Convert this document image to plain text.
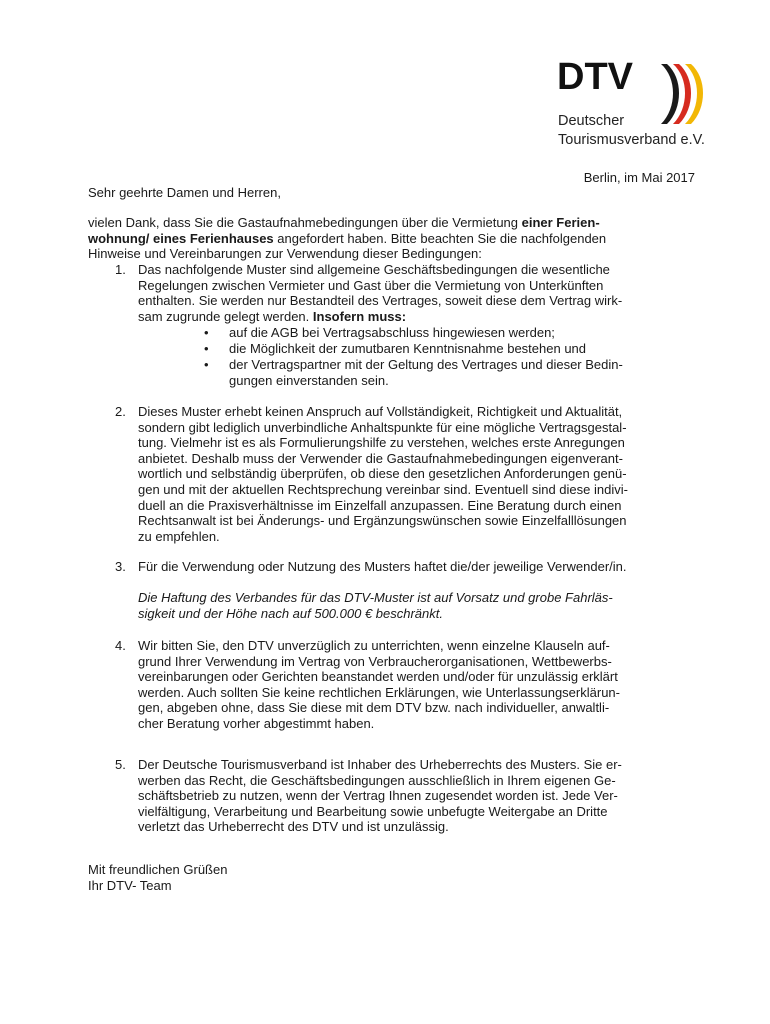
DTV
Deutscher
Tourismusverband e.V.
Berlin, im Mai 2017
Sehr geehrte Damen und Herren,
vielen Dank, dass Sie die Gastaufnahmebedingungen über die Vermietung einer Ferien-
wohnung/ eines Ferienhauses angefordert haben. Bitte beachten Sie die nachfolgenden
Hinweise und Vereinbarungen zur Verwendung dieser Bedingungen:
1. Das nachfolgende Muster sind allgemeine Geschäftsbedingungen die wesentliche
Regelungen zwischen Vermieter und Gast über die Vermietung von Unterkünften
enthalten. Sie werden nur Bestandteil des Vertrages, soweit diese dem Vertrag wirk-
sam zugrunde gelegt werden. Insofern muss:
• auf die AGB bei Vertragsabschluss hingewiesen werden;
• die Möglichkeit der zumutbaren Kenntnisnahme bestehen und
• der Vertragspartner mit der Geltung des Vertrages und dieser Bedin-
gungen einverstanden sein.
2. Dieses Muster erhebt keinen Anspruch auf Vollständigkeit, Richtigkeit und Aktualität,
sondern gibt lediglich unverbindliche Anhaltspunkte für eine mögliche Vertragsgestal-
tung. Vielmehr ist es als Formulierungshilfe zu verstehen, welches erste Anregungen
anbietet. Deshalb muss der Verwender die Gastaufnahmebedingungen eigenverant-
wortlich und selbständig überprüfen, ob diese den gesetzlichen Anforderungen genü-
gen und mit der aktuellen Rechtsprechung vereinbar sind. Eventuell sind diese indivi-
duell an die Praxisverhältnisse im Einzelfall anzupassen. Eine Beratung durch einen
Rechtsanwalt ist bei Änderungs- und Ergänzungswünschen sowie Einzelfalllösungen
zu empfehlen.
3. Für die Verwendung oder Nutzung des Musters haftet die/der jeweilige Verwender/in.
Die Haftung des Verbandes für das DTV-Muster ist auf Vorsatz und grobe Fahrläs-
sigkeit und der Höhe nach auf 500.000 € beschränkt.
4. Wir bitten Sie, den DTV unverzüglich zu unterrichten, wenn einzelne Klauseln auf-
grund Ihrer Verwendung im Vertrag von Verbraucherorganisationen, Wettbewerbs-
vereinbarungen oder Gerichten beanstandet werden und/oder für unzulässig erklärt
werden. Auch sollten Sie keine rechtlichen Erklärungen, wie Unterlassungserklärun-
gen, abgeben ohne, dass Sie diese mit dem DTV bzw. nach individueller, anwaltli-
cher Beratung vorher abgestimmt haben.
5. Der Deutsche Tourismusverband ist Inhaber des Urheberrechts des Musters. Sie er-
werben das Recht, die Geschäftsbedingungen ausschließlich in Ihrem eigenen Ge-
schäftsbetrieb zu nutzen, wenn der Vertrag Ihnen zugesendet worden ist. Jede Ver-
vielfältigung, Verarbeitung und Bearbeitung sowie unbefugte Weitergabe an Dritte
verletzt das Urheberrecht des DTV und ist unzulässig.
Mit freundlichen Grüßen
Ihr DTV- Team
